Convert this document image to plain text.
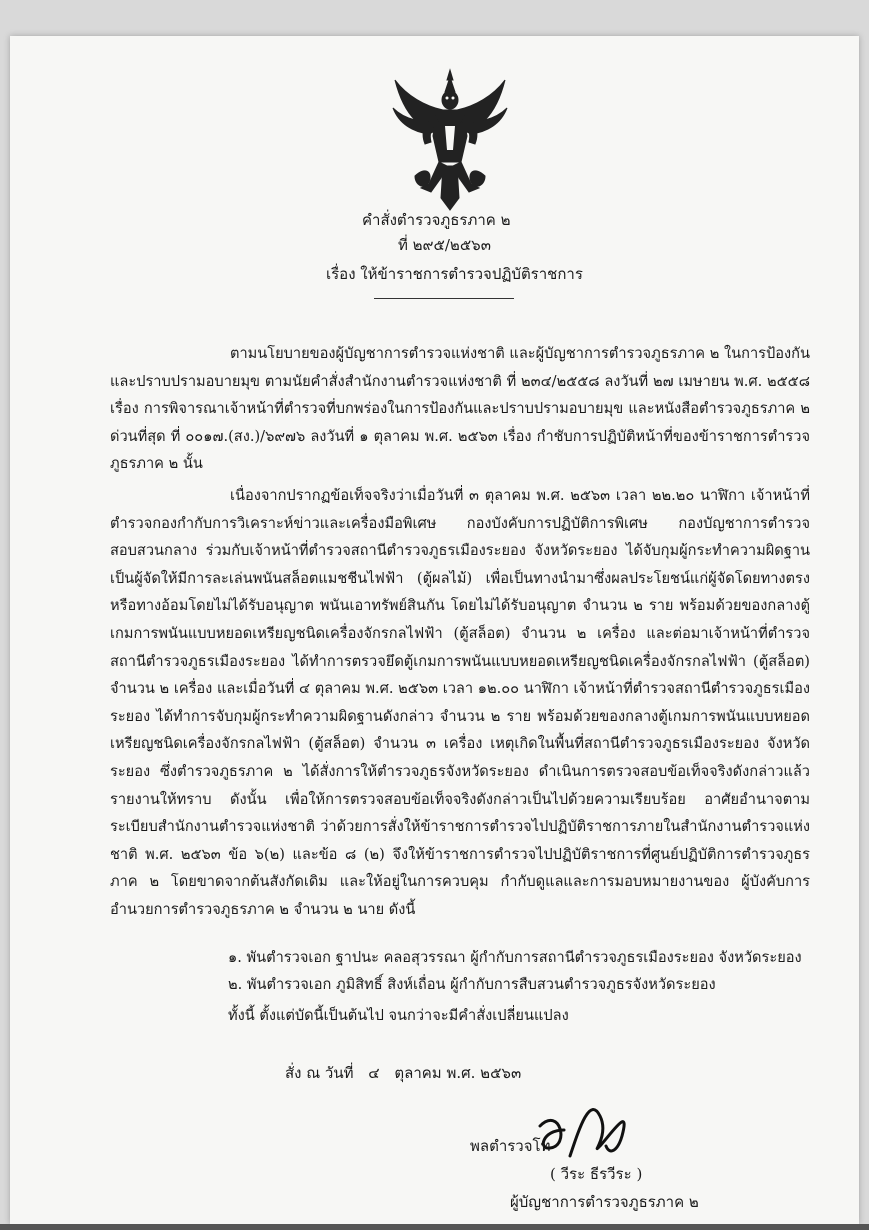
คำสั่งตำรวจภูธรภาค ๒
ที่ ๒๙๕/๒๕๖๓
เรื่อง ให้ข้าราชการตำรวจปฏิบัติราชการ
ตามนโยบายของผู้บัญชาการตำรวจแห่งชาติ และผู้บัญชาการตำรวจภูธรภาค ๒ ในการป้องกันและปราบปรามอบายมุข ตามนัยคำสั่งสำนักงานตำรวจแห่งชาติ ที่ ๒๓๔/๒๕๕๘ ลงวันที่ ๒๗ เมษายน พ.ศ. ๒๕๕๘ เรื่อง การพิจารณาเจ้าหน้าที่ตำรวจที่บกพร่องในการป้องกันและปราบปรามอบายมุข และหนังสือตำรวจภูธรภาค ๒ ด่วนที่สุด ที่ ๐๐๑๗.(สง.)/๖๙๗๖ ลงวันที่ ๑ ตุลาคม พ.ศ. ๒๕๖๓ เรื่อง กำชับการปฏิบัติหน้าที่ของข้าราชการตำรวจภูธรภาค ๒ นั้น
เนื่องจากปรากฏข้อเท็จจริงว่าเมื่อวันที่ ๓ ตุลาคม พ.ศ. ๒๕๖๓ เวลา ๒๒.๒๐ นาฬิกา เจ้าหน้าที่ตำรวจกองกำกับการวิเคราะห์ข่าวและเครื่องมือพิเศษ กองบังคับการปฏิบัติการพิเศษ กองบัญชาการตำรวจสอบสวนกลาง ร่วมกับเจ้าหน้าที่ตำรวจสถานีตำรวจภูธรเมืองระยอง จังหวัดระยอง ได้จับกุมผู้กระทำความผิดฐานเป็นผู้จัดให้มีการละเล่นพนันสล็อตแมชชีนไฟฟ้า (ตู้ผลไม้) เพื่อเป็นทางนำมาซึ่งผลประโยชน์แก่ผู้จัดโดยทางตรงหรือทางอ้อมโดยไม่ได้รับอนุญาต พนันเอาทรัพย์สินกัน โดยไม่ได้รับอนุญาต จำนวน ๒ ราย พร้อมด้วยของกลางตู้เกมการพนันแบบหยอดเหรียญชนิดเครื่องจักรกลไฟฟ้า (ตู้สล็อต) จำนวน ๒ เครื่อง และต่อมาเจ้าหน้าที่ตำรวจสถานีตำรวจภูธรเมืองระยอง ได้ทำการตรวจยึดตู้เกมการพนันแบบหยอดเหรียญชนิดเครื่องจักรกลไฟฟ้า (ตู้สล็อต) จำนวน ๒ เครื่อง และเมื่อวันที่ ๔ ตุลาคม พ.ศ. ๒๕๖๓ เวลา ๑๒.๐๐ นาฬิกา เจ้าหน้าที่ตำรวจสถานีตำรวจภูธรเมืองระยอง ได้ทำการจับกุมผู้กระทำความผิดฐานดังกล่าว จำนวน ๒ ราย พร้อมด้วยของกลางตู้เกมการพนันแบบหยอดเหรียญชนิดเครื่องจักรกลไฟฟ้า (ตู้สล็อต) จำนวน ๓ เครื่อง เหตุเกิดในพื้นที่สถานีตำรวจภูธรเมืองระยอง จังหวัดระยอง ซึ่งตำรวจภูธรภาค ๒ ได้สั่งการให้ตำรวจภูธรจังหวัดระยอง ดำเนินการตรวจสอบข้อเท็จจริงดังกล่าวแล้วรายงานให้ทราบ ดังนั้น เพื่อให้การตรวจสอบข้อเท็จจริงดังกล่าวเป็นไปด้วยความเรียบร้อย อาศัยอำนาจตามระเบียบสำนักงานตำรวจแห่งชาติ ว่าด้วยการสั่งให้ข้าราชการตำรวจไปปฏิบัติราชการภายในสำนักงานตำรวจแห่งชาติ พ.ศ. ๒๕๖๓ ข้อ ๖(๒) และข้อ ๘ (๒) จึงให้ข้าราชการตำรวจไปปฏิบัติราชการที่ศูนย์ปฏิบัติการตำรวจภูธรภาค ๒ โดยขาดจากต้นสังกัดเดิม และให้อยู่ในการควบคุม กำกับดูแลและการมอบหมายงานของ ผู้บังคับการอำนวยการตำรวจภูธรภาค ๒ จำนวน ๒ นาย ดังนี้
๑. พันตำรวจเอก ฐาปนะ คลอสุวรรณา ผู้กำกับการสถานีตำรวจภูธรเมืองระยอง จังหวัดระยอง
๒. พันตำรวจเอก ภูมิสิทธิ์ สิงห์เถื่อน ผู้กำกับการสืบสวนตำรวจภูธรจังหวัดระยอง
ทั้งนี้ ตั้งแต่บัดนี้เป็นต้นไป จนกว่าจะมีคำสั่งเปลี่ยนแปลง
สั่ง ณ วันที่ ๔ ตุลาคม พ.ศ. ๒๕๖๓
พลตำรวจโท
( วีระ ธีรวีระ )
ผู้บัญชาการตำรวจภูธรภาค ๒
